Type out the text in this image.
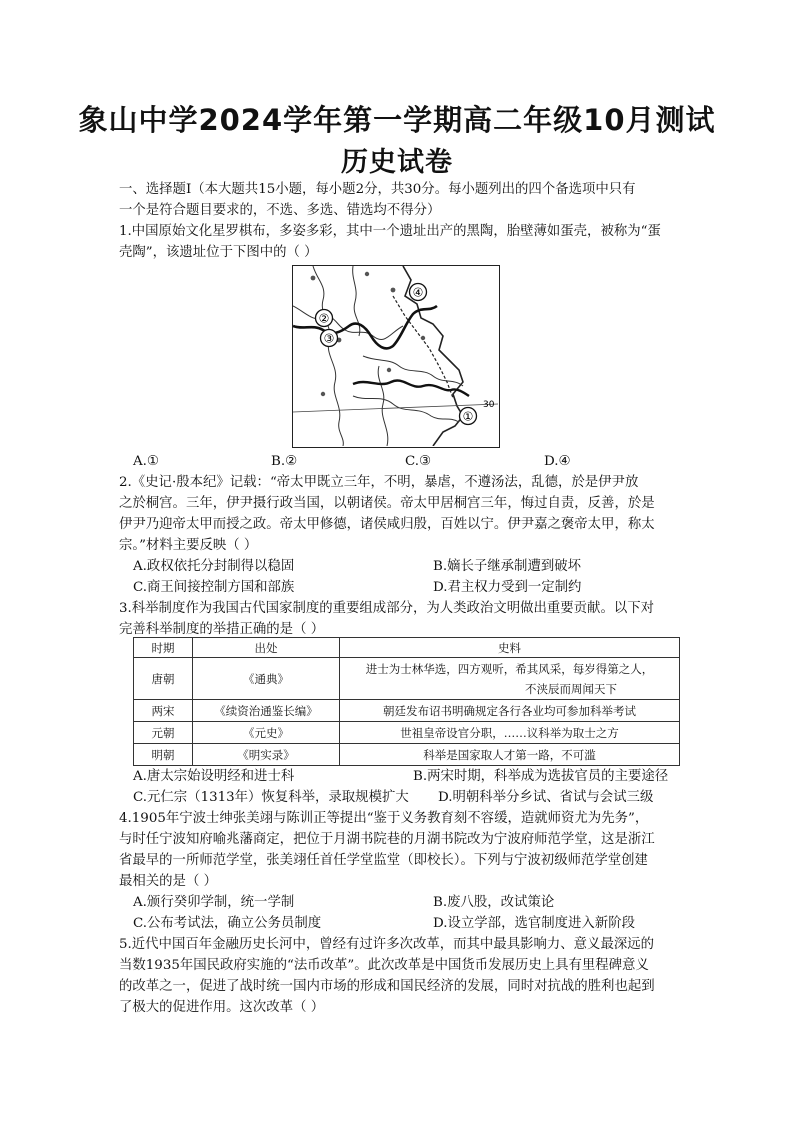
象山中学2024学年第一学期高二年级10月测试
历史试卷
一、选择题Ⅰ（本大题共15小题，每小题2分，共30分。每小题列出的四个备选项中只有
一个是符合题目要求的，不选、多选、错选均不得分）
1.中国原始文化星罗棋布，多姿多彩，其中一个遗址出产的黑陶，胎壁薄如蛋壳，被称为“蛋
壳陶”，该遗址位于下图中的（ ）
④
②
③
①
30
A.①	B.②	C.③	D.④
2.《史记·殷本纪》记载：“帝太甲既立三年，不明，暴虐，不遵汤法，乱德，於是伊尹放
之於桐宫。三年，伊尹摄行政当国，以朝诸侯。帝太甲居桐宫三年，悔过自责，反善，於是
伊尹乃迎帝太甲而授之政。帝太甲修德，诸侯咸归殷，百姓以宁。伊尹嘉之褒帝太甲，称太
宗。”材料主要反映（ ）
A.政权依托分封制得以稳固	B.嫡长子继承制遭到破坏
C.商王间接控制方国和部族	D.君主权力受到一定制约
3.科举制度作为我国古代国家制度的重要组成部分，为人类政治文明做出重要贡献。以下对
完善科举制度的举措正确的是（ ）
时期	出处	史料
唐朝	《通典》	进士为士林华选，四方观听，希其风采，每岁得第之人，
不浃辰而周闻天下

两宋	《续资治通鉴长编》	朝廷发布诏书明确规定各行各业均可参加科举考试
元朝	《元史》	世祖皇帝设官分职，……议科举为取士之方
明朝	《明实录》	科举是国家取人才第一路，不可滥
A.唐太宗始设明经和进士科	B.两宋时期，科举成为选拔官员的主要途径
C.元仁宗（1313年）恢复科举，录取规模扩大 D.明朝科举分乡试、省试与会试三级
4.1905年宁波士绅张美翊与陈训正等提出“鉴于义务教育刻不容缓，造就师资尤为先务”，
与时任宁波知府喻兆藩商定，把位于月湖书院巷的月湖书院改为宁波府师范学堂，这是浙江
省最早的一所师范学堂，张美翊任首任学堂监堂（即校长）。下列与宁波初级师范学堂创建
最相关的是（ ）
A.颁行癸卯学制，统一学制	B.废八股，改试策论
C.公布考试法，确立公务员制度	D.设立学部，选官制度进入新阶段
5.近代中国百年金融历史长河中，曾经有过许多次改革，而其中最具影响力、意义最深远的
当数1935年国民政府实施的“法币改革”。此次改革是中国货币发展历史上具有里程碑意义
的改革之一，促进了战时统一国内市场的形成和国民经济的发展，同时对抗战的胜利也起到
了极大的促进作用。这次改革（ ）
